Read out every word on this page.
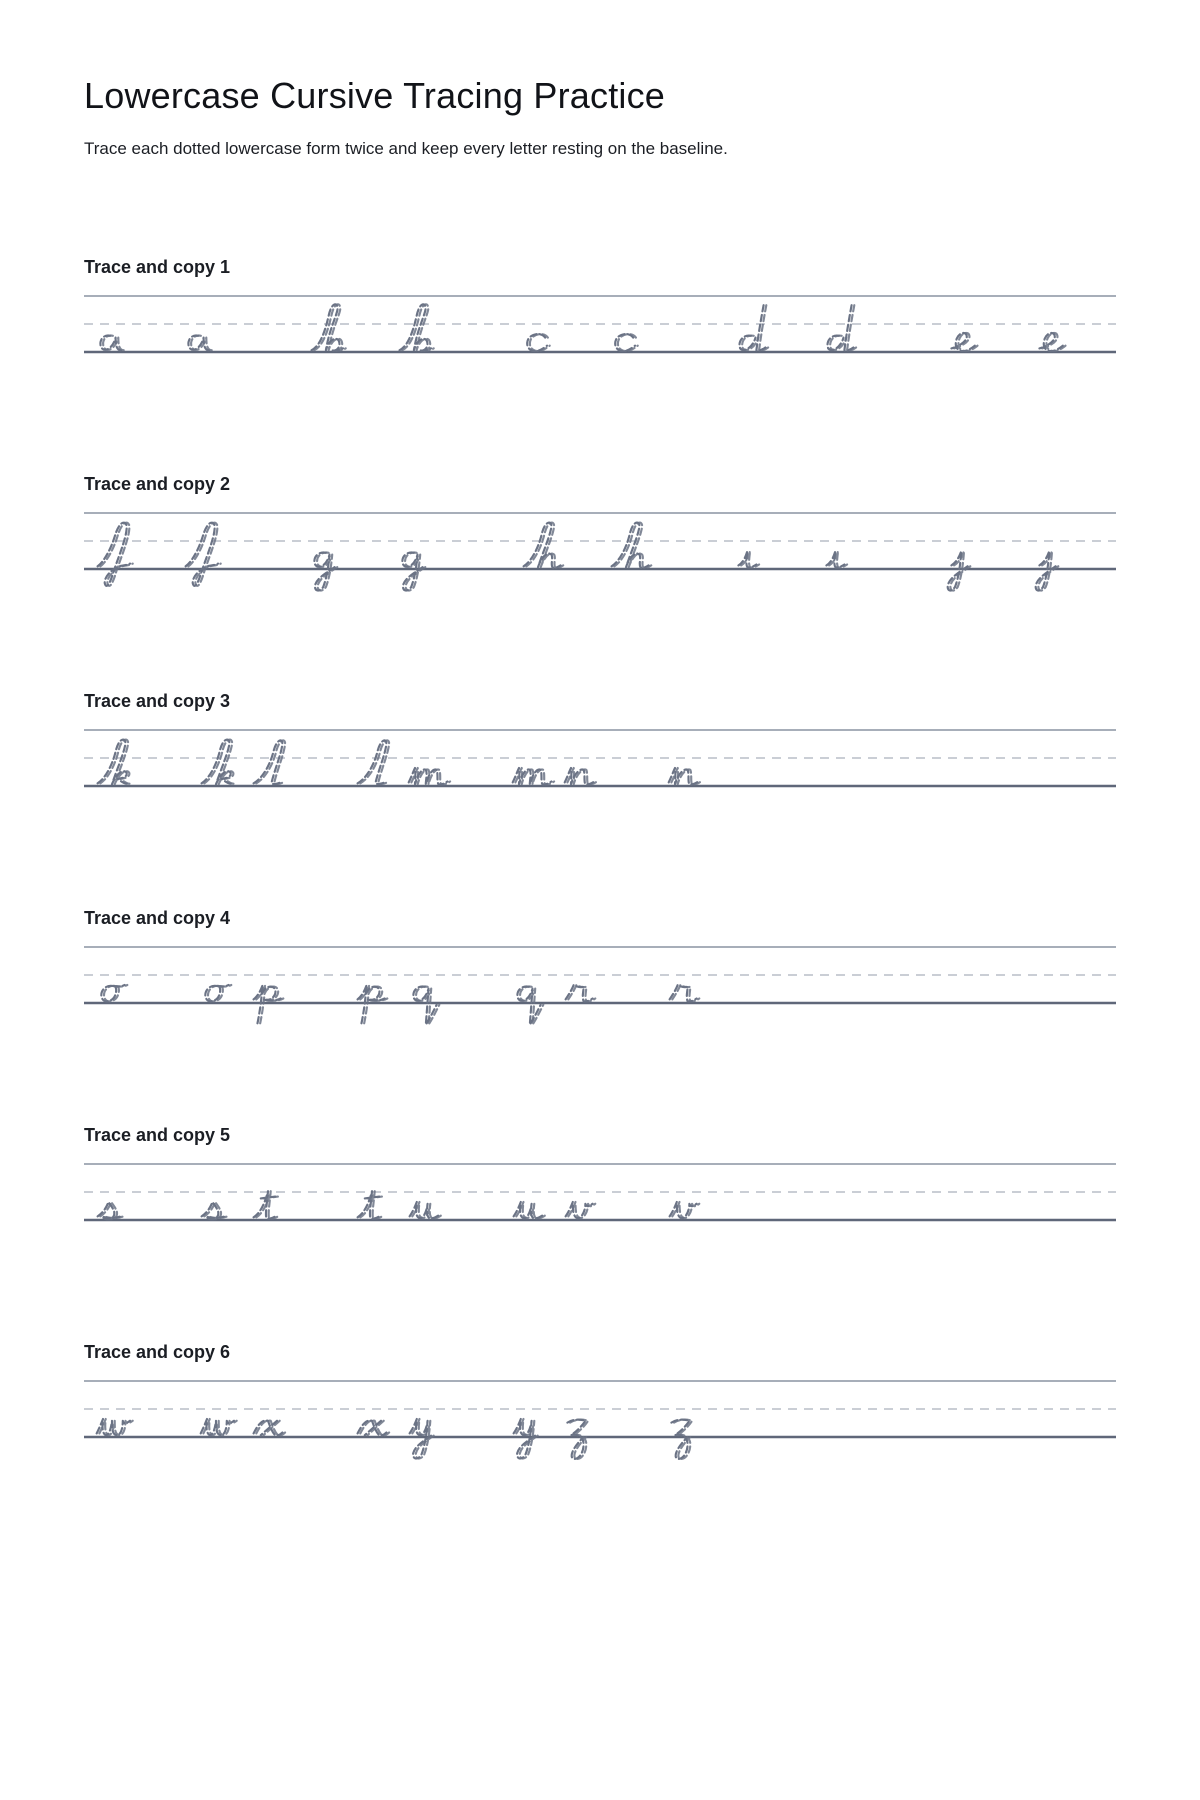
Lowercase Cursive Tracing Practice

Trace each dotted lowercase form twice and keep every letter resting on the baseline.

Trace and copy 1
Trace and copy 2
Trace and copy 3
Trace and copy 4
Trace and copy 5
Trace and copy 6
